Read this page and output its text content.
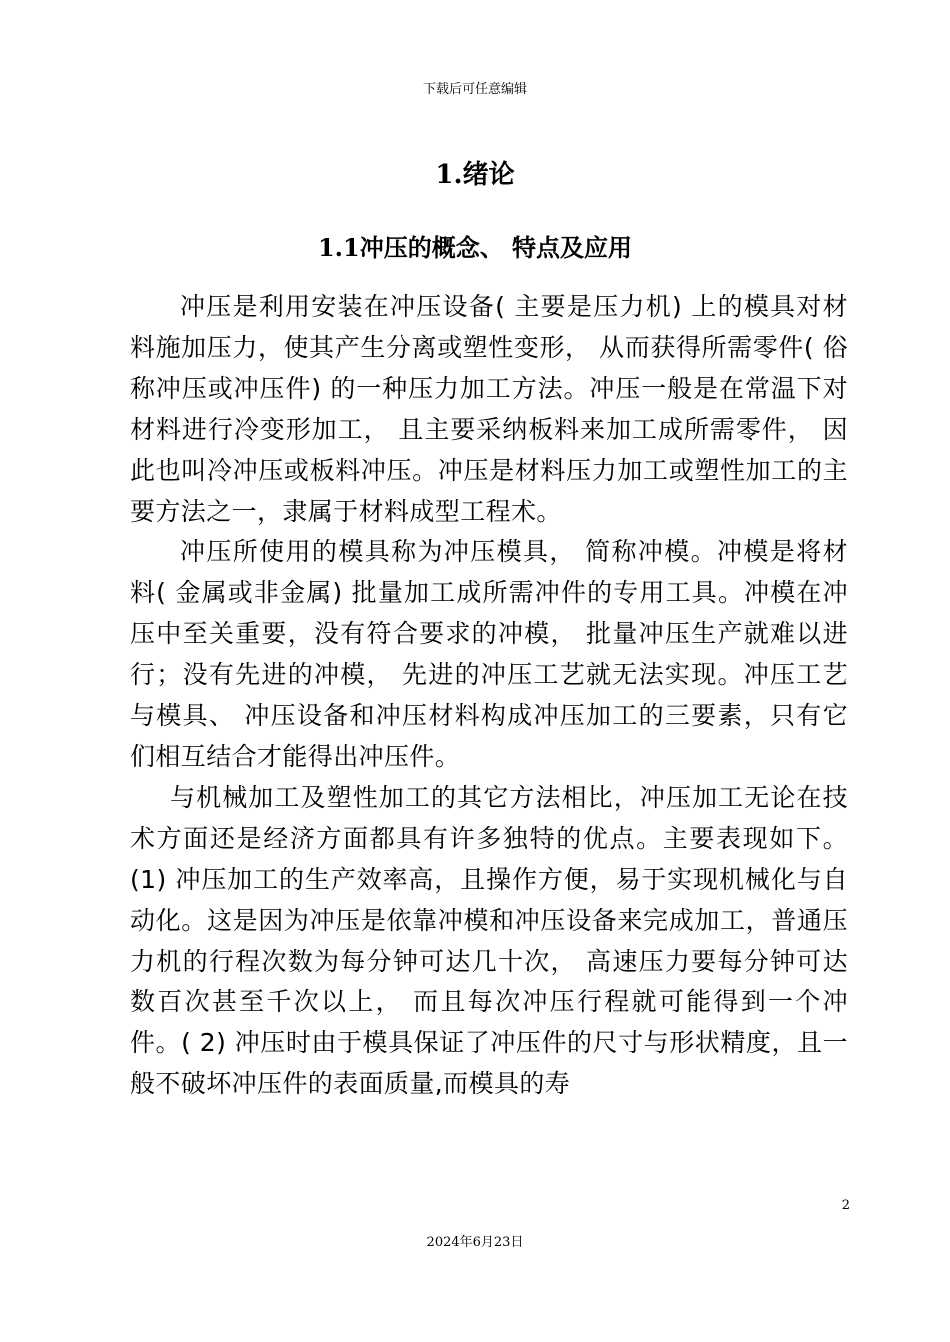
下载后可任意编辑
1.绪论
1.1冲压的概念、 特点及应用

冲压是利用安装在冲压设备( 主要是压力机) 上的模具对材料施加压力，使其产生分离或塑性变形， 从而获得所需零件( 俗称冲压或冲压件) 的一种压力加工方法。冲压一般是在常温下对材料进行冷变形加工， 且主要采纳板料来加工成所需零件， 因此也叫冷冲压或板料冲压。冲压是材料压力加工或塑性加工的主要方法之一，隶属于材料成型工程术。

冲压所使用的模具称为冲压模具， 简称冲模。冲模是将材料( 金属或非金属) 批量加工成所需冲件的专用工具。冲模在冲压中至关重要，没有符合要求的冲模， 批量冲压生产就难以进行；没有先进的冲模， 先进的冲压工艺就无法实现。冲压工艺与模具、 冲压设备和冲压材料构成冲压加工的三要素，只有它们相互结合才能得出冲压件。

与机械加工及塑性加工的其它方法相比，冲压加工无论在技术方面还是经济方面都具有许多独特的优点。主要表现如下。(1) 冲压加工的生产效率高，且操作方便，易于实现机械化与自动化。这是因为冲压是依靠冲模和冲压设备来完成加工，普通压力机的行程次数为每分钟可达几十次， 高速压力要每分钟可达数百次甚至千次以上， 而且每次冲压行程就可能得到一个冲件。( 2) 冲压时由于模具保证了冲压件的尺寸与形状精度，且一般不破坏冲压件的表面质量,而模具的寿

2
2024年6月23日
